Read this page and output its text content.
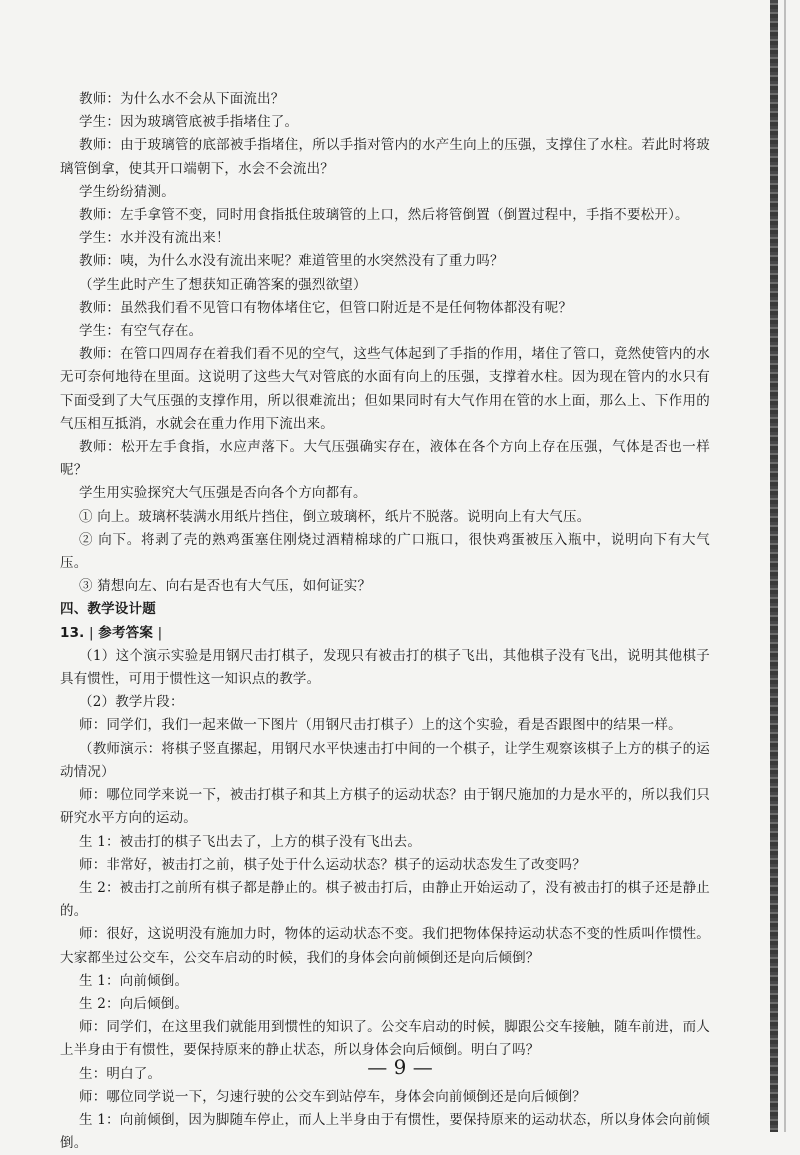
教师：为什么水不会从下面流出？

学生：因为玻璃管底被手指堵住了。

教师：由于玻璃管的底部被手指堵住，所以手指对管内的水产生向上的压强，支撑住了水柱。若此时将玻璃管倒拿，使其开口端朝下，水会不会流出？

学生纷纷猜测。

教师：左手拿管不变，同时用食指抵住玻璃管的上口，然后将管倒置（倒置过程中，手指不要松开）。

学生：水并没有流出来！

教师：咦，为什么水没有流出来呢？难道管里的水突然没有了重力吗？

（学生此时产生了想获知正确答案的强烈欲望）

教师：虽然我们看不见管口有物体堵住它，但管口附近是不是任何物体都没有呢？

学生：有空气存在。

教师：在管口四周存在着我们看不见的空气，这些气体起到了手指的作用，堵住了管口，竟然使管内的水无可奈何地待在里面。这说明了这些大气对管底的水面有向上的压强，支撑着水柱。因为现在管内的水只有下面受到了大气压强的支撑作用，所以很难流出；但如果同时有大气作用在管的水上面，那么上、下作用的气压相互抵消，水就会在重力作用下流出来。

教师：松开左手食指，水应声落下。大气压强确实存在，液体在各个方向上存在压强，气体是否也一样呢？

学生用实验探究大气压强是否向各个方向都有。

① 向上。玻璃杯装满水用纸片挡住，倒立玻璃杯，纸片不脱落。说明向上有大气压。

② 向下。将剥了壳的熟鸡蛋塞住刚烧过酒精棉球的广口瓶口，很快鸡蛋被压入瓶中，说明向下有大气压。

③ 猜想向左、向右是否也有大气压，如何证实？

四、教学设计题

13. | 参考答案 |

（1）这个演示实验是用钢尺击打棋子，发现只有被击打的棋子飞出，其他棋子没有飞出，说明其他棋子具有惯性，可用于惯性这一知识点的教学。

（2）教学片段：

师：同学们，我们一起来做一下图片（用钢尺击打棋子）上的这个实验，看是否跟图中的结果一样。

（教师演示：将棋子竖直摞起，用钢尺水平快速击打中间的一个棋子，让学生观察该棋子上方的棋子的运动情况）

师：哪位同学来说一下，被击打棋子和其上方棋子的运动状态？由于钢尺施加的力是水平的，所以我们只研究水平方向的运动。

生 1：被击打的棋子飞出去了，上方的棋子没有飞出去。

师：非常好，被击打之前，棋子处于什么运动状态？棋子的运动状态发生了改变吗？

生 2：被击打之前所有棋子都是静止的。棋子被击打后，由静止开始运动了，没有被击打的棋子还是静止的。

师：很好，这说明没有施加力时，物体的运动状态不变。我们把物体保持运动状态不变的性质叫作惯性。大家都坐过公交车，公交车启动的时候，我们的身体会向前倾倒还是向后倾倒？

生 1：向前倾倒。

生 2：向后倾倒。

师：同学们，在这里我们就能用到惯性的知识了。公交车启动的时候，脚跟公交车接触，随车前进，而人上半身由于有惯性，要保持原来的静止状态，所以身体会向后倾倒。明白了吗？

生：明白了。

师：哪位同学说一下，匀速行驶的公交车到站停车，身体会向前倾倒还是向后倾倒？

生 1：向前倾倒，因为脚随车停止，而人上半身由于有惯性，要保持原来的运动状态，所以身体会向前倾倒。

— 9 —
